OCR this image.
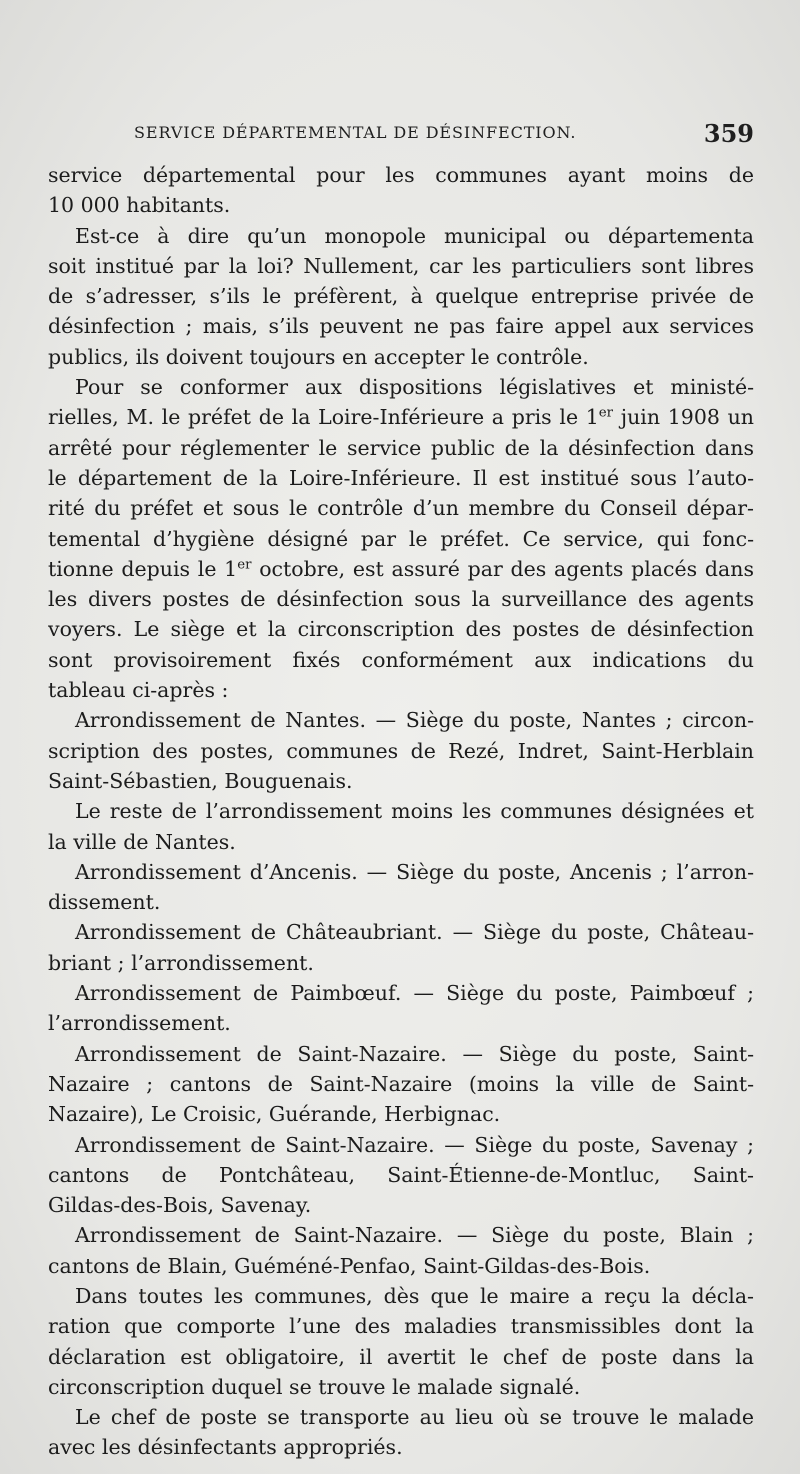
SERVICE DÉPARTEMENTAL DE DÉSINFECTION.	359
service départemental pour les communes ayant moins de
10 000 habitants.
Est-ce à dire qu’un monopole municipal ou départementa
soit institué par la loi? Nullement, car les particuliers sont libres
de s’adresser, s’ils le préfèrent, à quelque entreprise privée de
désinfection ; mais, s’ils peuvent ne pas faire appel aux services
publics, ils doivent toujours en accepter le contrôle.
Pour se conformer aux dispositions législatives et ministé-
rielles, M. le préfet de la Loire-Inférieure a pris le 1er juin 1908 un
arrêté pour réglementer le service public de la désinfection dans
le département de la Loire-Inférieure. Il est institué sous l’auto-
rité du préfet et sous le contrôle d’un membre du Conseil dépar-
temental d’hygiène désigné par le préfet. Ce service, qui fonc-
tionne depuis le 1er octobre, est assuré par des agents placés dans
les divers postes de désinfection sous la surveillance des agents
voyers. Le siège et la circonscription des postes de désinfection
sont provisoirement fixés conformément aux indications du
tableau ci-après :
Arrondissement de Nantes. — Siège du poste, Nantes ; circon-
scription des postes, communes de Rezé, Indret, Saint-Herblain
Saint-Sébastien, Bouguenais.
Le reste de l’arrondissement moins les communes désignées et
la ville de Nantes.
Arrondissement d’Ancenis. — Siège du poste, Ancenis ; l’arron-
dissement.
Arrondissement de Châteaubriant. — Siège du poste, Château-
briant ; l’arrondissement.
Arrondissement de Paimbœuf. — Siège du poste, Paimbœuf ;
l’arrondissement.
Arrondissement de Saint-Nazaire. — Siège du poste, Saint-
Nazaire ; cantons de Saint-Nazaire (moins la ville de Saint-
Nazaire), Le Croisic, Guérande, Herbignac.
Arrondissement de Saint-Nazaire. — Siège du poste, Savenay ;
cantons de Pontchâteau, Saint-Étienne-de-Montluc, Saint-
Gildas-des-Bois, Savenay.
Arrondissement de Saint-Nazaire. — Siège du poste, Blain ;
cantons de Blain, Guéméné-Penfao, Saint-Gildas-des-Bois.
Dans toutes les communes, dès que le maire a reçu la décla-
ration que comporte l’une des maladies transmissibles dont la
déclaration est obligatoire, il avertit le chef de poste dans la
circonscription duquel se trouve le malade signalé.
Le chef de poste se transporte au lieu où se trouve le malade
avec les désinfectants appropriés.
